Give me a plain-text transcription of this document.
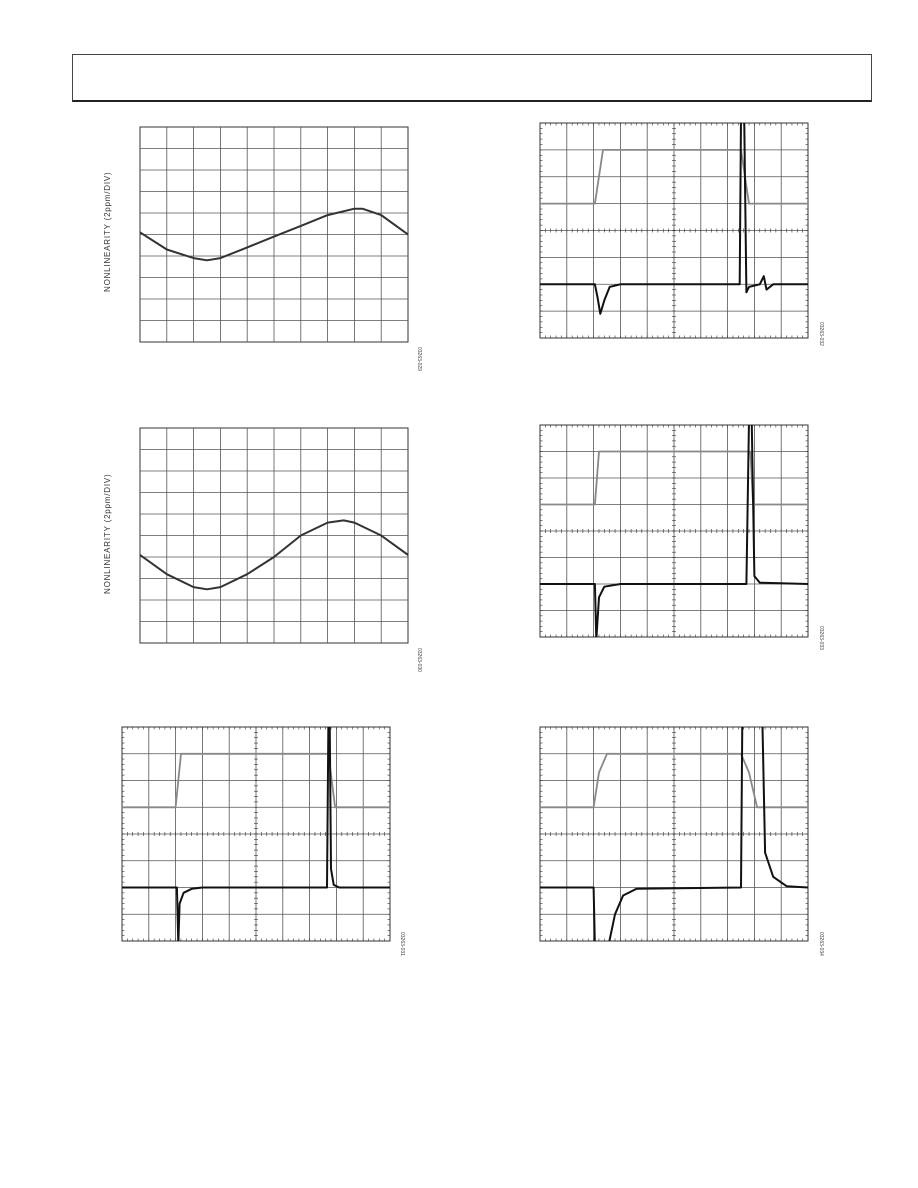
NONLINEARITY (2ppm/DIV)
03263-029
NONLINEARITY (2ppm/DIV)
03263-030
03263-031
03263-032
03263-033
03263-034
